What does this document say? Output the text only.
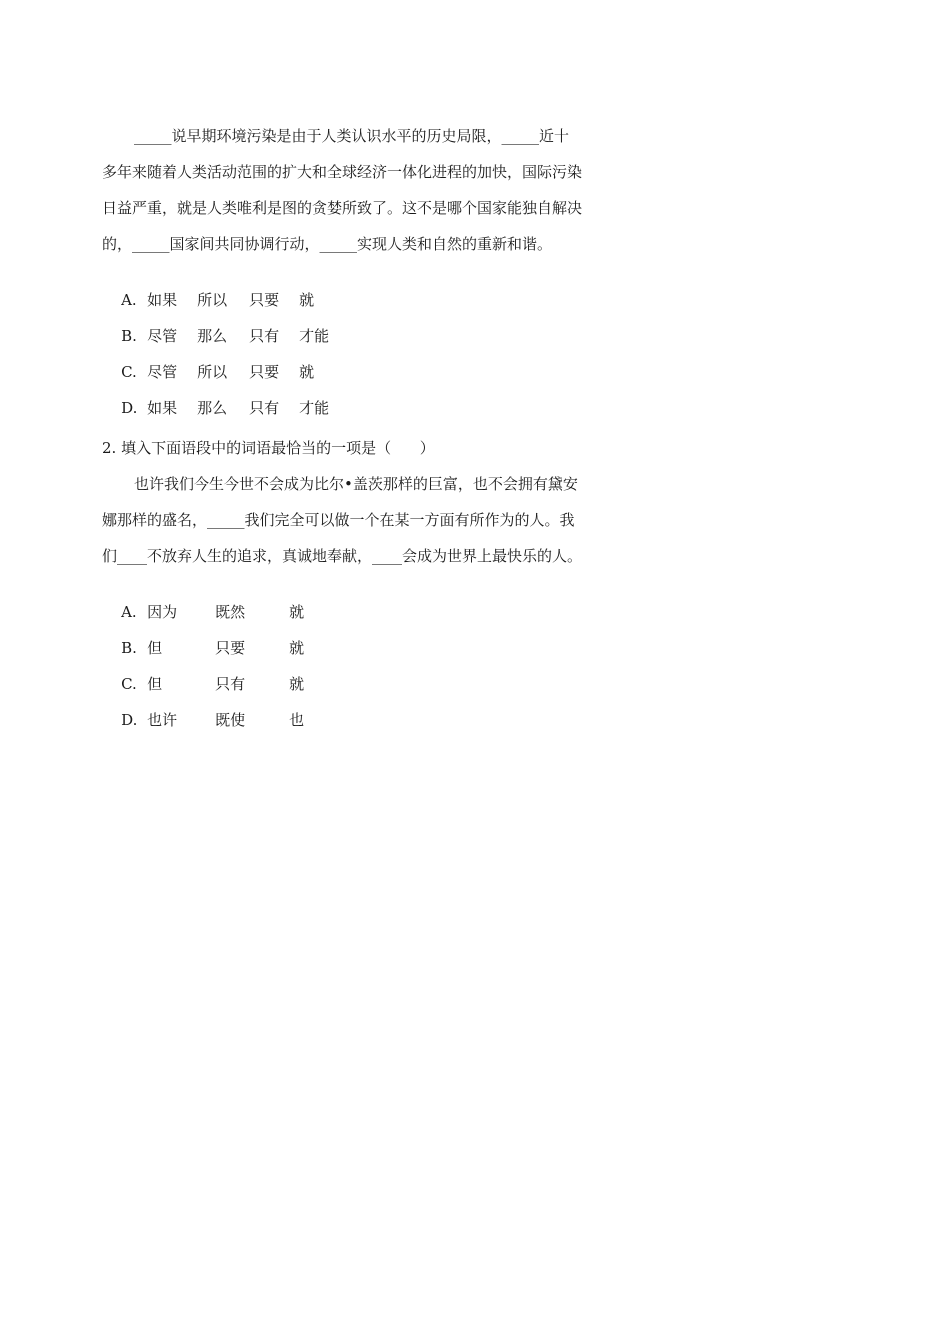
_____说早期环境污染是由于人类认识水平的历史局限，_____近十
多年来随着人类活动范围的扩大和全球经济一体化进程的加快，国际污染
日益严重，就是人类唯利是图的贪婪所致了。这不是哪个国家能独自解决
的，_____国家间共同协调行动，_____实现人类和自然的重新和谐。

A. 如果 所以 只要 就

B. 尽管 那么 只有 才能

C. 尽管 所以 只要 就

D. 如果 那么 只有 才能

2. 填入下面语段中的词语最恰当的一项是（      ）
也许我们今生今世不会成为比尔•盖茨那样的巨富，也不会拥有黛安
娜那样的盛名，_____我们完全可以做一个在某一方面有所作为的人。我
们____不放弃人生的追求，真诚地奉献，____会成为世界上最快乐的人。

A. 因为	既然	就

B. 但	只要	就

C. 但	只有	就

D. 也许	既使	也
